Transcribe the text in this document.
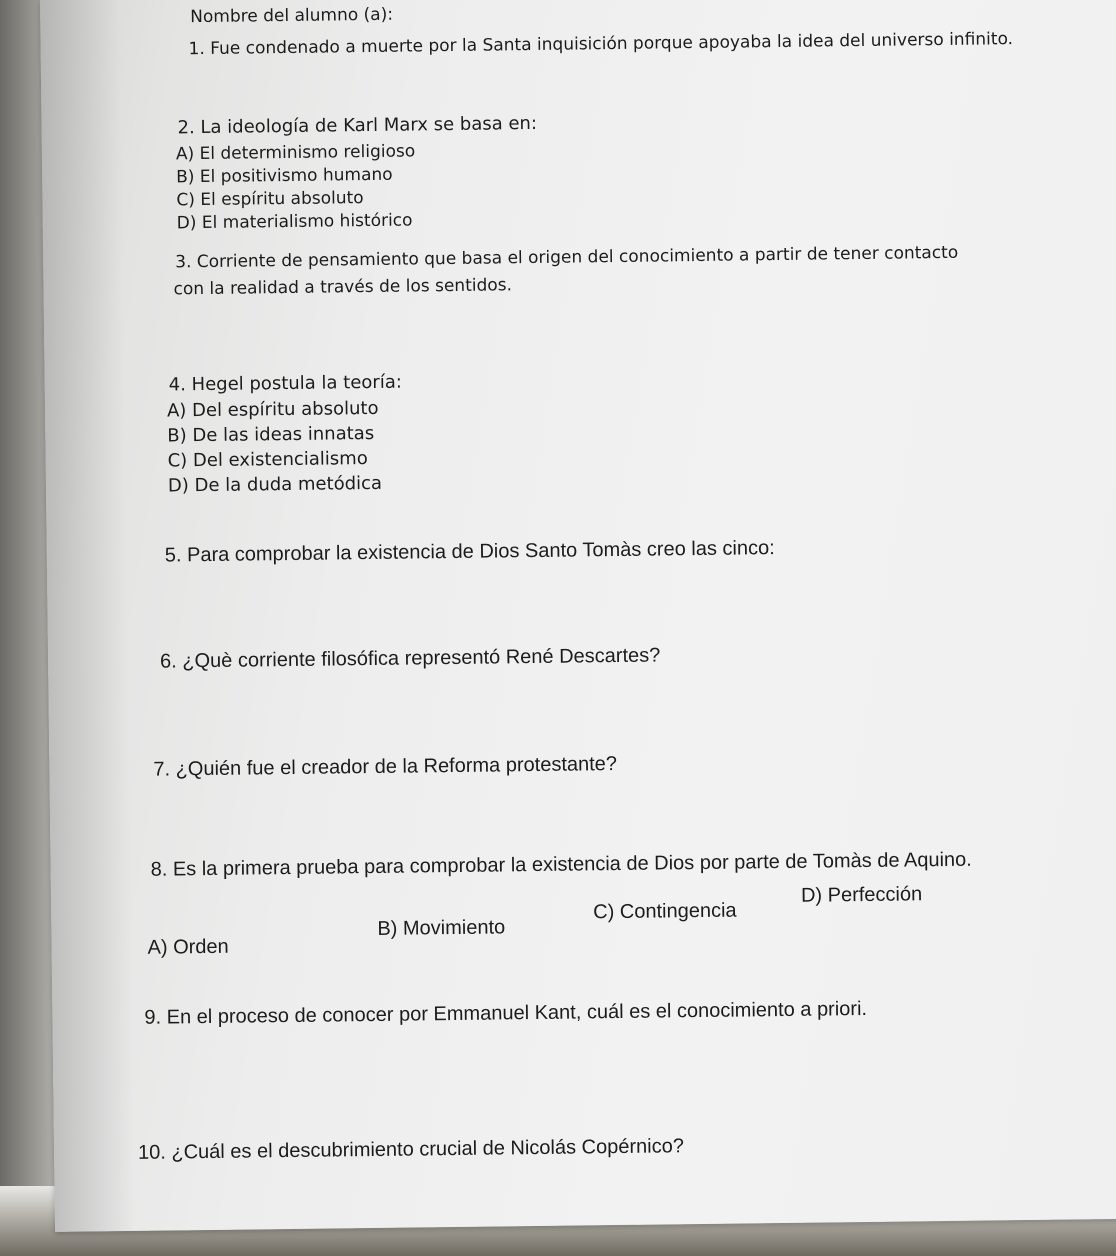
Nombre del alumno (a):
1. Fue condenado a muerte por la Santa inquisición porque apoyaba la idea del universo infinito.
2. La ideología de Karl Marx se basa en:
A) El determinismo religioso
B) El positivismo humano
C) El espíritu absoluto
D) El materialismo histórico
3. Corriente de pensamiento que basa el origen del conocimiento a partir de tener contacto
con la realidad a través de los sentidos.
4. Hegel postula la teoría:
A) Del espíritu absoluto
B) De las ideas innatas
C) Del existencialismo
D) De la duda metódica
5. Para comprobar la existencia de Dios Santo Tomàs creo las cinco:
6. ¿Què corriente filosófica representó René Descartes?
7. ¿Quién fue el creador de la Reforma protestante?
8. Es la primera prueba para comprobar la existencia de Dios por parte de Tomàs de Aquino.
A) Orden
B) Movimiento
C) Contingencia
D) Perfección
9. En el proceso de conocer por Emmanuel Kant, cuál es el conocimiento a priori.
10. ¿Cuál es el descubrimiento crucial de Nicolás Copérnico?
